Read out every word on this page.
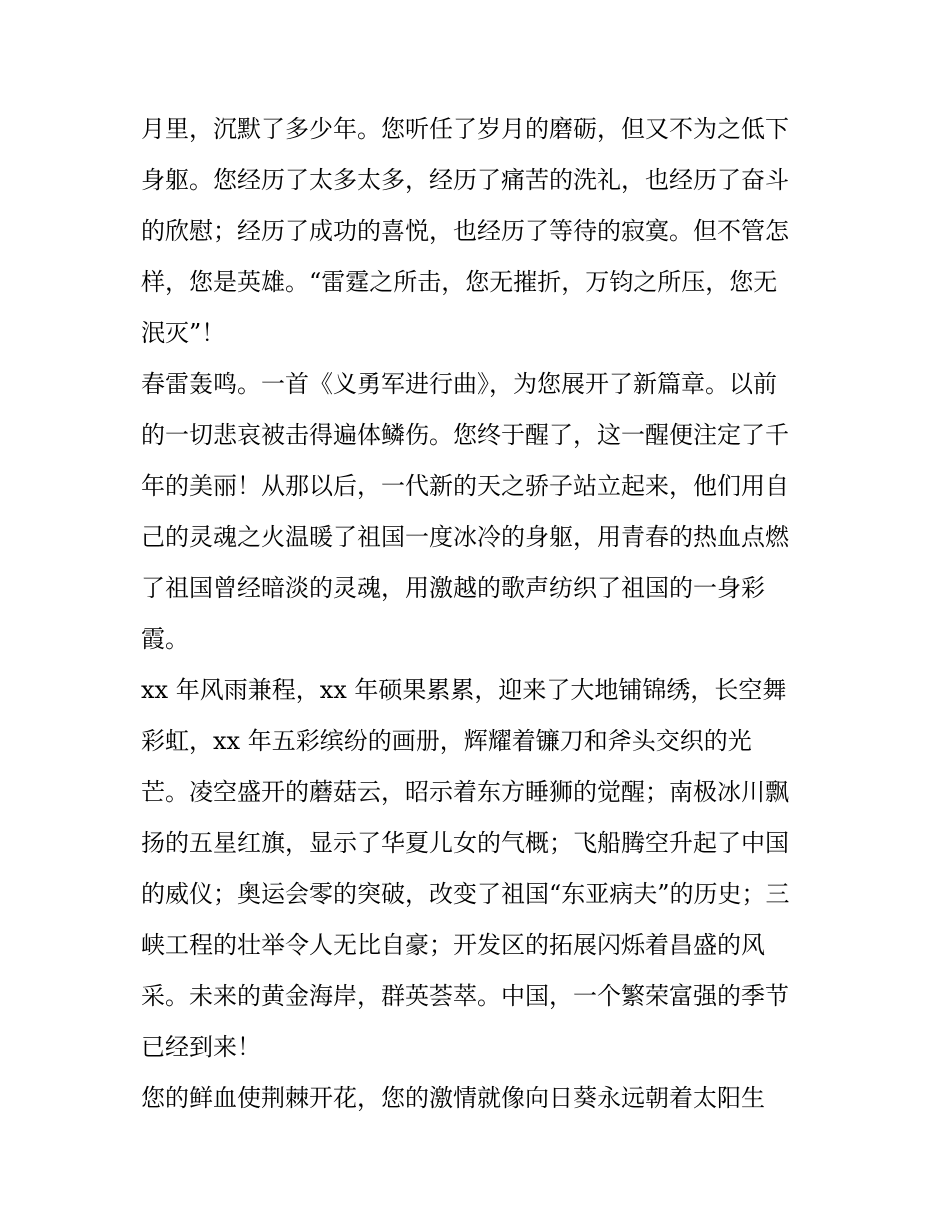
月里，沉默了多少年。您听任了岁月的磨砺，但又不为之低下
身躯。您经历了太多太多，经历了痛苦的洗礼，也经历了奋斗
的欣慰；经历了成功的喜悦，也经历了等待的寂寞。但不管怎
样，您是英雄。“雷霆之所击，您无摧折，万钧之所压，您无
泯灭”！
春雷轰鸣。一首《义勇军进行曲》，为您展开了新篇章。以前
的一切悲哀被击得遍体鳞伤。您终于醒了，这一醒便注定了千
年的美丽！从那以后，一代新的天之骄子站立起来，他们用自
己的灵魂之火温暖了祖国一度冰冷的身躯，用青春的热血点燃
了祖国曾经暗淡的灵魂，用激越的歌声纺织了祖国的一身彩
霞。
xx 年风雨兼程，xx 年硕果累累，迎来了大地铺锦绣，长空舞
彩虹，xx 年五彩缤纷的画册，辉耀着镰刀和斧头交织的光
芒。凌空盛开的蘑菇云，昭示着东方睡狮的觉醒；南极冰川飘
扬的五星红旗，显示了华夏儿女的气概；飞船腾空升起了中国
的威仪；奥运会零的突破，改变了祖国“东亚病夫”的历史；三
峡工程的壮举令人无比自豪；开发区的拓展闪烁着昌盛的风
采。未来的黄金海岸，群英荟萃。中国，一个繁荣富强的季节
已经到来！
您的鲜血使荆棘开花，您的激情就像向日葵永远朝着太阳生
